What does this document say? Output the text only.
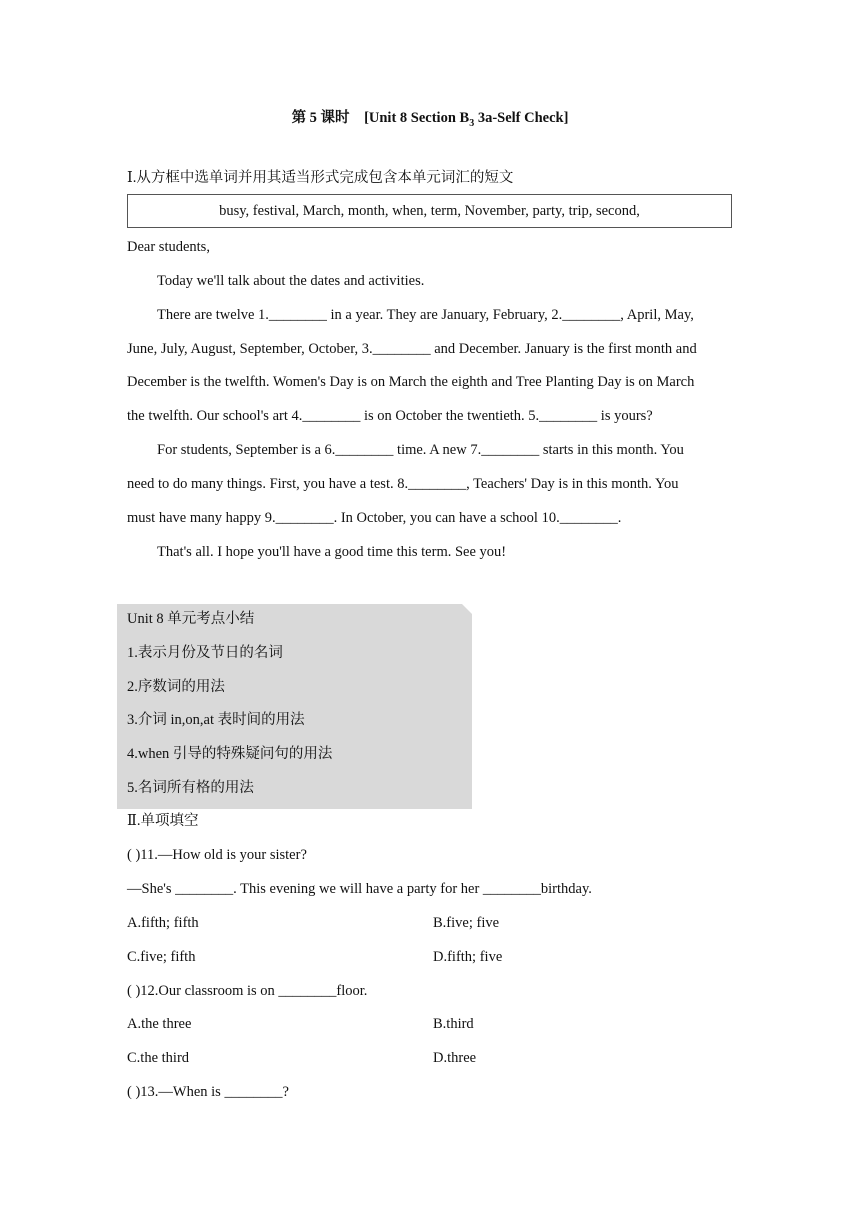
第 5 课时 [Unit 8 Section $B_3$ 3a-Self Check]
Ⅰ.从方框中选单词并用其适当形式完成包含本单元词汇的短文
busy, festival, March, month, when, term, November, party, trip, second,
Dear students,
Today we'll talk about the dates and activities.
There are twelve 1.________ in a year. They are January, February, 2.________, April, May,
June, July, August, September, October, 3.________ and December. January is the first month and
December is the twelfth. Women's Day is on March the eighth and Tree Planting Day is on March
the twelfth. Our school's art 4.________ is on October the twentieth. 5.________ is yours?
For students, September is a 6.________ time. A new 7.________ starts in this month. You
need to do many things. First, you have a test. 8.________, Teachers' Day is in this month. You
must have many happy 9.________. In October, you can have a school 10.________.
That's all. I hope you'll have a good time this term. See you!
Unit 8 单元考点小结
1.表示月份及节日的名词
2.序数词的用法
3.介词 in,on,at 表时间的用法
4.when 引导的特殊疑问句的用法
5.名词所有格的用法
Ⅱ.单项填空
( )11.—How old is your sister?
—She's ________. This evening we will have a party for her ________birthday.
A.fifth; fifth	B.five; five
C.five; fifth	D.fifth; five
( )12.Our classroom is on ________floor.
A.the three	B.third
C.the third	D.three
( )13.—When is ________?
